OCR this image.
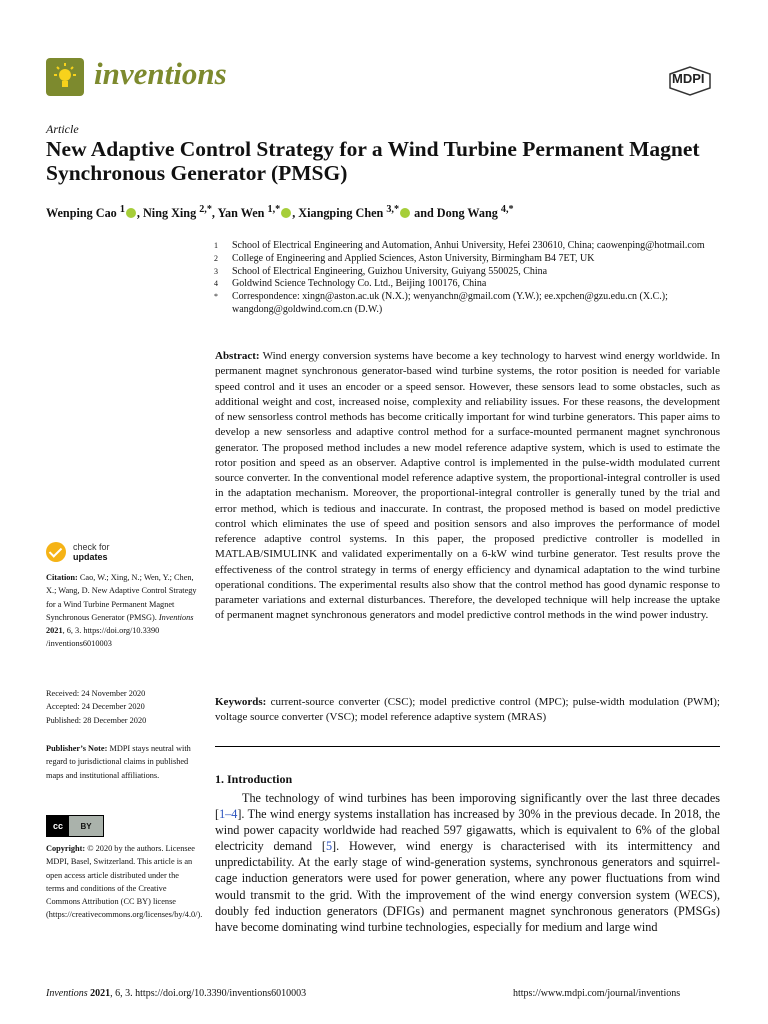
inventions	MDPI
Article
New Adaptive Control Strategy for a Wind Turbine Permanent Magnet Synchronous Generator (PMSG)
Wenping Cao $^1$ , Ning Xing $^{2,*}$, Yan Wen $^{1,*}$ , Xiangping Chen $^{3,*}$ and Dong Wang $^{4,*}$
1	School of Electrical Engineering and Automation, Anhui University, Hefei 230610, China; caowenping@hotmail.com
2	College of Engineering and Applied Sciences, Aston University, Birmingham B4 7ET, UK
3	School of Electrical Engineering, Guizhou University, Guiyang 550025, China
4	Goldwind Science Technology Co. Ltd., Beijing 100176, China
*	Correspondence: xingn@aston.ac.uk (N.X.); wenyanchn@gmail.com (Y.W.); ee.xpchen@gzu.edu.cn (X.C.); wangdong@goldwind.com.cn (D.W.)
Abstract: Wind energy conversion systems have become a key technology to harvest wind energy worldwide. In permanent magnet synchronous generator-based wind turbine systems, the rotor position is needed for variable speed control and it uses an encoder or a speed sensor. However, these sensors lead to some obstacles, such as additional weight and cost, increased noise, complexity and reliability issues. For these reasons, the development of new sensorless control methods has become critically important for wind turbine generators. This paper aims to develop a new sensorless and adaptive control method for a surface-mounted permanent magnet synchronous generator. The proposed method includes a new model reference adaptive system, which is used to estimate the rotor position and speed as an observer. Adaptive control is implemented in the pulse-width modulated current source converter. In the conventional model reference adaptive system, the proportional-integral controller is used in the adaptation mechanism. Moreover, the proportional-integral controller is generally tuned by the trial and error method, which is tedious and inaccurate. In contrast, the proposed method is based on model predictive control which eliminates the use of speed and position sensors and also improves the performance of model reference adaptive control systems. In this paper, the proposed predictive controller is modelled in MATLAB/SIMULINK and validated experimentally on a 6-kW wind turbine generator. Test results prove the effectiveness of the control strategy in terms of energy efficiency and dynamical adaptation to the wind turbine operational conditions. The experimental results also show that the control method has good dynamic response to parameter variations and external disturbances. Therefore, the developed technique will help increase the uptake of permanent magnet synchronous generators and model predictive control methods in the wind power industry.
Keywords: current-source converter (CSC); model predictive control (MPC); pulse-width modulation (PWM); voltage source converter (VSC); model reference adaptive system (MRAS)
1. Introduction
The technology of wind turbines has been imporoving significantly over the last three decades [1–4]. The wind energy systems installation has increased by 30% in the previous decade. In 2018, the wind power capacity worldwide had reached 597 gigawatts, which is equivalent to 6% of the global electricity demand [5]. However, wind energy is characterised with its intermittency and unpredictability. At the early stage of wind-generation systems, synchronous generators and squirrel-cage induction generators were used for power generation, where any power fluctuations from wind would transmit to the grid. With the improvement of the wind energy conversion system (WECS), doubly fed induction generators (DFIGs) and permanent magnet synchronous generators (PMSGs) have become dominating wind turbine technologies, especially for medium and large wind
check for
updates
Citation: Cao, W.; Xing, N.; Wen, Y.; Chen, X.; Wang, D. New Adaptive Control Strategy for a Wind Turbine Permanent Magnet Synchronous Generator (PMSG). Inventions 2021, 6, 3. https://doi.org/10.3390 /inventions6010003
Received: 24 November 2020
Accepted: 24 December 2020
Published: 28 December 2020
Publisher’s Note: MDPI stays neutral with regard to jurisdictional claims in published maps and institutional affiliations.
cc	BY
Copyright: © 2020 by the authors. Licensee MDPI, Basel, Switzerland. This article is an open access article distributed under the terms and conditions of the Creative Commons Attribution (CC BY) license (https://creativecommons.org/licenses/by/4.0/).
Inventions 2021, 6, 3. https://doi.org/10.3390/inventions6010003	https://www.mdpi.com/journal/inventions
